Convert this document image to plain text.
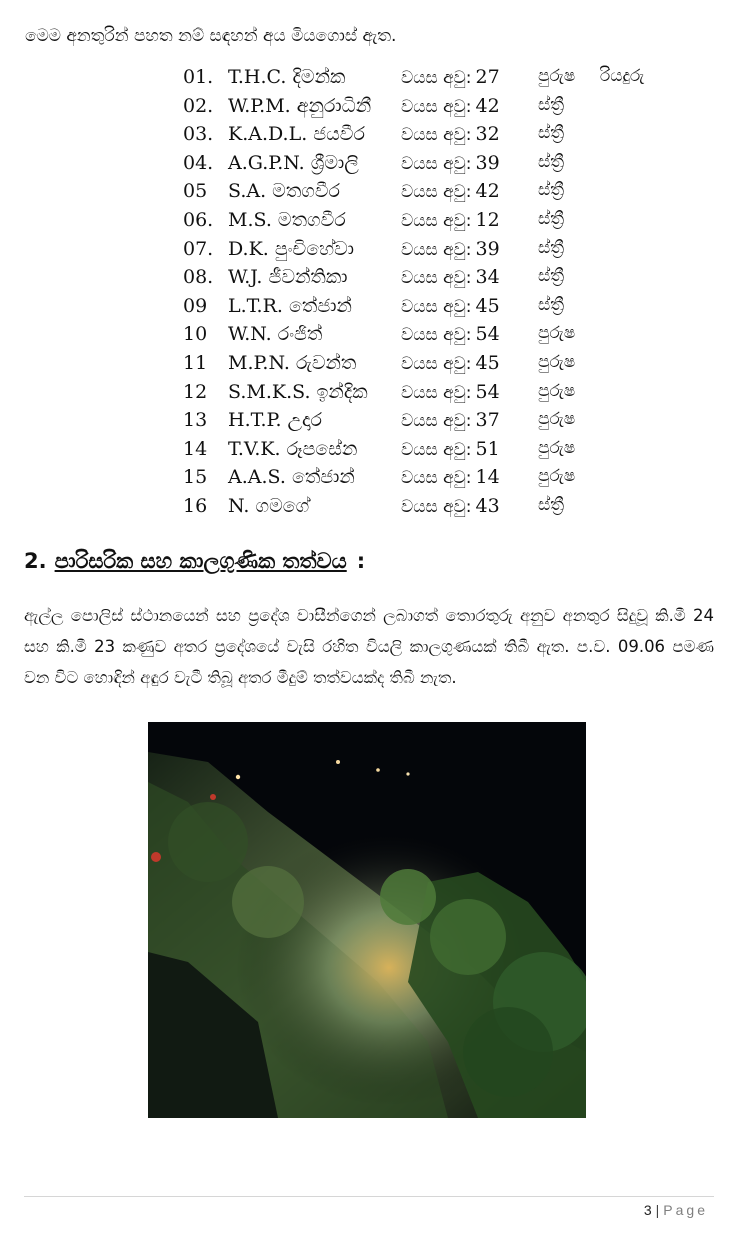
මෙම අනතුරින් පහත නම් සඳහන් අය මියගොස් ඇත.
01. T.H.C. දිමන්ක	වයස අවු: 27 පුරුෂ රියදුරු
02. W.P.M. අනුරාධිනී වයස අවු: 42 ස්ත්‍රී
03. K.A.D.L. ජයවීර වයස අවු: 32 ස්ත්‍රී
04. A.G.P.N. ශ්‍රීමාලි වයස අවු: 39 ස්ත්‍රී
05 S.A. මතගවීර	වයස අවු: 42 ස්ත්‍රී
06. M.S. මතගවීර	වයස අවු: 12 ස්ත්‍රී
07. D.K. පුංචිහේවා	වයස අවු: 39 ස්ත්‍රී
08. W.J. ජීවන්තිකා	වයස අවු: 34 ස්ත්‍රී
09 L.T.R. තේජාන්	වයස අවු: 45 ස්ත්‍රී
10 W.N. රංජිත්	වයස අවු: 54 පුරුෂ
11 M.P.N. රුවන්ත	වයස අවු: 45 පුරුෂ
12 S.M.K.S. ඉන්දික වයස අවු: 54 පුරුෂ
13 H.T.P. උදාර	වයස අවු: 37 පුරුෂ
14 T.V.K. රූපසේන	වයස අවු: 51 පුරුෂ
15 A.A.S. තේජාන්	වයස අවු: 14 පුරුෂ
16 N. ගමගේ	වයස අවු: 43 ස්ත්‍රී
2. පාරිසරික සහ කාලගුණික තත්වය :
ඇල්ල පොලිස් ස්ථානයෙන් සහ ප්‍රදේශ වාසීන්ගෙන් ලබාගත් තොරතුරු අනුව අනතුර සිදුවූ කි.මී 24 සහ කි.මී 23 කණුව අතර ප්‍රදේශයේ වැසි රහිත වියලි කාලගුණයක් තිබී ඇත. ප.ව. 09.06 පමණ වන විට හොඳින් අඳුර වැටී තිබූ අතර මීදුම් තත්වයක්ද තිබී නැත.
3 | Page
